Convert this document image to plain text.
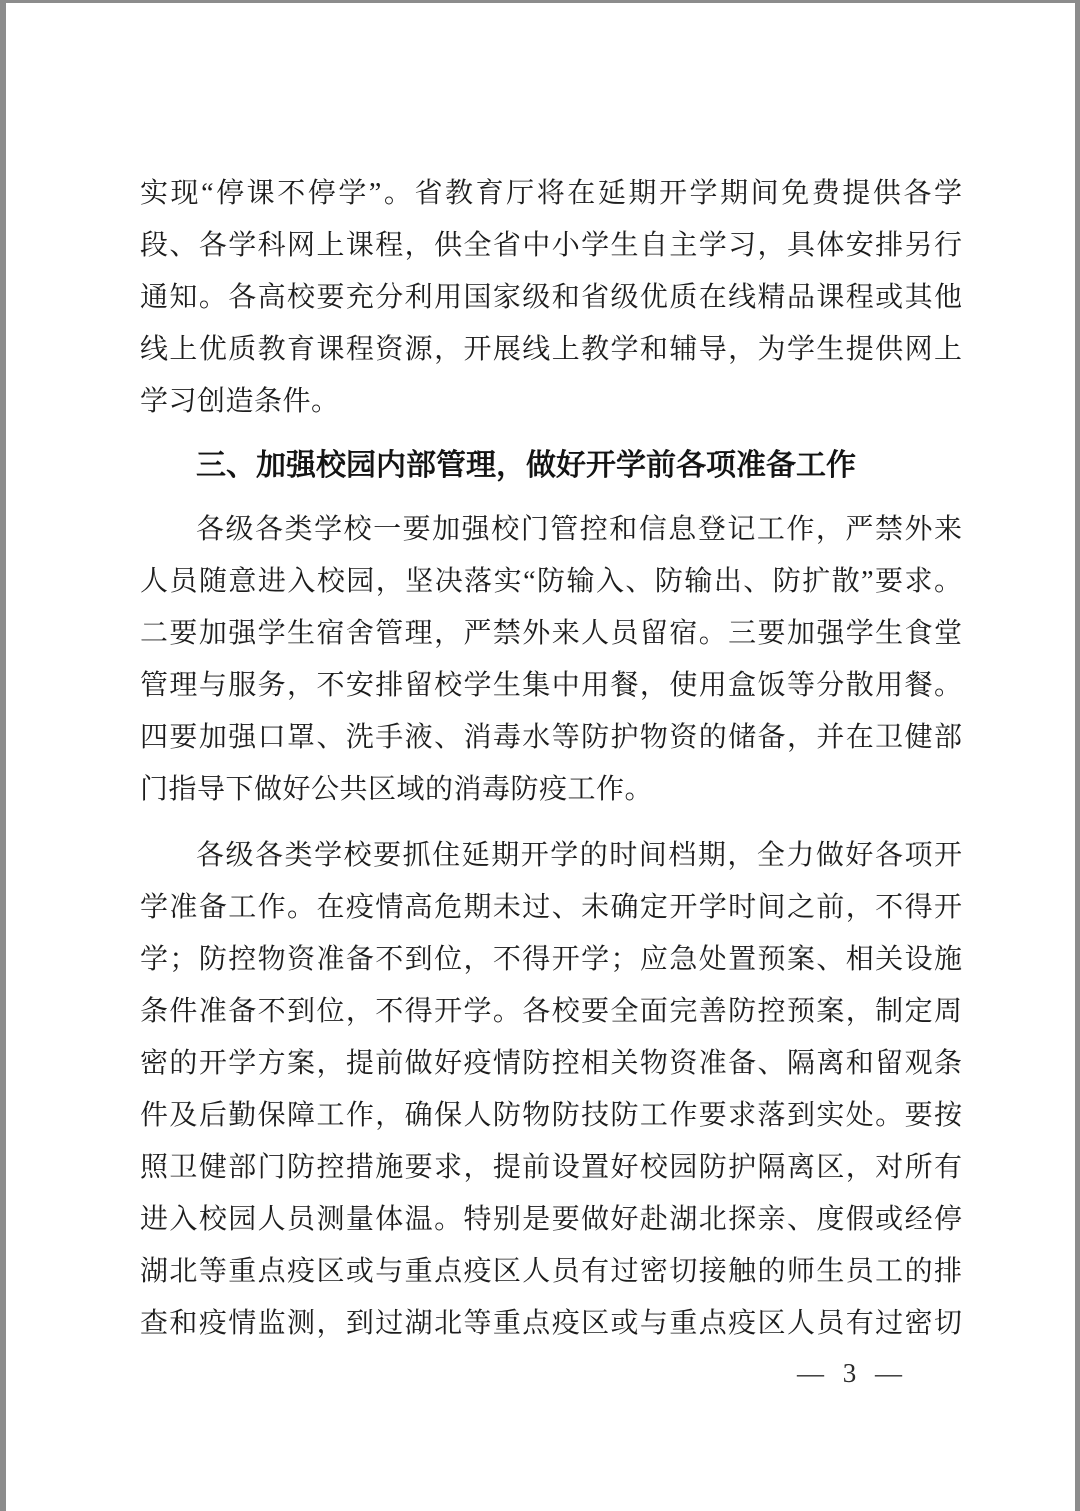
实现“停课不停学”。省教育厅将在延期开学期间免费提供各学
段、各学科网上课程，供全省中小学生自主学习，具体安排另行
通知。各高校要充分利用国家级和省级优质在线精品课程或其他
线上优质教育课程资源，开展线上教学和辅导，为学生提供网上
学习创造条件。
三、加强校园内部管理，做好开学前各项准备工作
各级各类学校一要加强校门管控和信息登记工作，严禁外来
人员随意进入校园，坚决落实“防输入、防输出、防扩散”要求。
二要加强学生宿舍管理，严禁外来人员留宿。三要加强学生食堂
管理与服务，不安排留校学生集中用餐，使用盒饭等分散用餐。
四要加强口罩、洗手液、消毒水等防护物资的储备，并在卫健部
门指导下做好公共区域的消毒防疫工作。
各级各类学校要抓住延期开学的时间档期，全力做好各项开
学准备工作。在疫情高危期未过、未确定开学时间之前，不得开
学；防控物资准备不到位，不得开学；应急处置预案、相关设施
条件准备不到位，不得开学。各校要全面完善防控预案，制定周
密的开学方案，提前做好疫情防控相关物资准备、隔离和留观条
件及后勤保障工作，确保人防物防技防工作要求落到实处。要按
照卫健部门防控措施要求，提前设置好校园防护隔离区，对所有
进入校园人员测量体温。特别是要做好赴湖北探亲、度假或经停
湖北等重点疫区或与重点疫区人员有过密切接触的师生员工的排
查和疫情监测，到过湖北等重点疫区或与重点疫区人员有过密切
— 3 —
